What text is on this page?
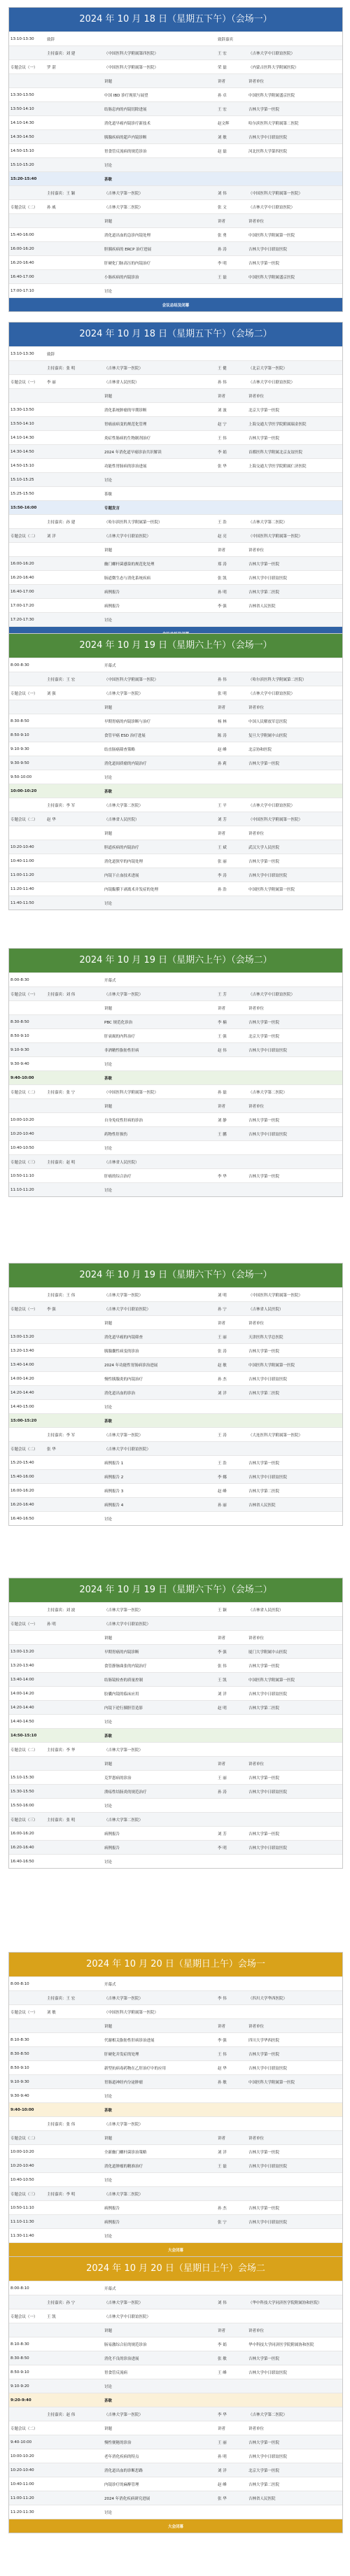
2024 年 10 月 18 日（星期五下午）（会场一）
13:10-13:30	致辞	致辞嘉宾
主持嘉宾：刘 建	（中国医科大学附属第四医院）	王 宏	（吉林大学中日联谊医院）
专题会议（一）	罗 湛	（中国医科大学附属第一医院）	荣 磊	（内蒙古医科大学附属医院）
讲题	讲者	讲者单位
13:30-13:50	中国 IBD 诊疗现状与展望	孙 卓	中国医科大学附属盛京医院
13:50-14:10	结肠息肉的内镜切除进展	王 宏	吉林大学第一医院
14:10-14:30	消化道早癌内镜诊疗新技术	赵文辉	哈尔滨医科大学附属第二医院
14:30-14:50	胰腺疾病的超声内镜诊断	刘 敏	吉林大学中日联谊医院
14:50-15:10	胃食管反流病的规范诊治	赵 磊	河北医科大学第四医院
15:10-15:20	讨论
15:20-15:40	茶歇
主持嘉宾：王 颖	（吉林大学第一医院）	刘 伟	（中国医科大学附属第一医院）
专题会议（二）	孙 威	（吉林大学第二医院）	张 文	（吉林大学中日联谊医院）
讲题	讲者	讲者单位
15:40-16:00	消化道出血的急诊内镜处理	张 勇	中国医科大学附属第一医院
16:00-16:20	胆胰疾病的 ERCP 治疗进展	孙 涛	吉林大学中日联谊医院
16:20-16:40	肝硬化门脉高压的内镜治疗	李 明	吉林大学第一医院
16:40-17:00	小肠疾病的内镜诊治	王 磊	中国医科大学附属盛京医院
17:00-17:10	讨论
会议总结及闭幕
2024 年 10 月 18 日（星期五下午）（会场二）
13:10-13:30	致辞
主持嘉宾：张 明	（吉林大学第一医院）	王 健	（北京大学第一医院）
专题会议（一）	李 丽	（吉林省人民医院）	孙 伟	（吉林大学中日联谊医院）
讲题	讲者	讲者单位
13:30-13:50	消化系统肿瘤的早期诊断	刘 波	北京大学第一医院
13:50-14:10	胃癌前病变的规范化管理	赵 宁	上海交通大学医学院附属瑞金医院
14:10-14:30	炎症性肠病的生物制剂治疗	王 伟	吉林大学第一医院
14:30-14:50	2024 年消化道早癌诊治共识解读	李 娟	首都医科大学附属北京友谊医院
14:50-15:10	功能性胃肠病的诊治进展	张 华	上海交通大学医学院附属仁济医院
15:10-15:25	讨论
15:25-15:50	茶歇
15:50-16:00	专题发言
主持嘉宾：孙 建	（哈尔滨医科大学附属第一医院）	王 浩	（吉林大学第二医院）
专题会议（二）	刘 洋	（吉林大学中日联谊医院）	赵 亮	（中国医科大学附属第一医院）
讲题	讲者	讲者单位
16:00-16:20	幽门螺杆菌感染的规范化处理	郑 涛	吉林大学第一医院
16:20-16:40	肠道微生态与消化系统疾病	张 凯	吉林大学中日联谊医院
16:40-17:00	病例报告	孙 明	吉林大学第二医院
17:00-17:20	病例报告	李 强	吉林省人民医院
17:20-17:30	讨论
2024 年 10 月 19 日（星期六上午）（会场一）
8:00-8:30	开幕式
主持嘉宾：王 宏	（中国医科大学附属第一医院）	孙 伟	（哈尔滨医科大学附属第二医院）
专题会议（一）	刘 强	（吉林大学第一医院）	张 明	（吉林大学中日联谊医院）
讲题	讲者	讲者单位
8:30-8:50	早期胃癌的内镜诊断与治疗	杨 林	中国人民解放军总医院
8:50-9:10	食管早癌 ESD 治疗进展	陈 涛	复旦大学附属中山医院
9:10-9:30	结直肠癌筛查策略	赵 峰	北京协和医院
9:30-9:50	消化道间质瘤的内镜治疗	孙 莉	吉林大学第一医院
9:50-10:00	讨论
10:00-10:20	茶歇
主持嘉宾：李 军	（吉林大学第二医院）	王 平	（吉林大学中日联谊医院）
专题会议（二）	赵 华	（吉林省人民医院）	刘 芳	（中国医科大学附属第一医院）
讲题	讲者	讲者单位
10:20-10:40	胆道疾病的内镜治疗	王 斌	武汉大学人民医院
10:40-11:00	消化道狭窄的内镜处理	张 丽	吉林大学第一医院
11:00-11:20	内镜下止血技术进展	李 涛	吉林大学中日联谊医院
11:20-11:40	内镜黏膜下剥离术并发症的处理	孙 浩	中国医科大学附属第一医院
11:40-11:50	讨论
2024 年 10 月 19 日（星期六上午）（会场二）
8:00-8:30	开幕式
专题会议（一）	主持嘉宾：刘 伟	（吉林大学第一医院）	王 芳	（吉林大学中日联谊医院）
讲题	讲者	讲者单位
8:30-8:50	PBC 规范化诊治	李 楠	吉林大学第一医院
8:50-9:10	肝衰竭的内科治疗	王 强	北京大学第一医院
9:10-9:30	非酒精性脂肪性肝病	赵 伟	吉林大学中日联谊医院
9:30-9:40	讨论
9:40-10:00	茶歇
专题会议（二）	主持嘉宾：张 宁	（中国医科大学附属第一医院）	孙 磊	（吉林大学第二医院）
讲题	讲者	讲者单位
10:00-10:20	自身免疫性肝病的诊治	刘 静	吉林大学第一医院
10:20-10:40	药物性肝损伤	王 鹏	吉林大学中日联谊医院
10:40-10:50	讨论
专题会议（三）	主持嘉宾：赵 明	（吉林省人民医院）
10:50-11:10	肝癌的综合治疗	李 华	吉林大学第一医院
11:10-11:20	讨论
2024 年 10 月 19 日（星期六下午）（会场一）
主持嘉宾：王 伟	（吉林大学第一医院）	刘 明	（中国医科大学附属第一医院）
专题会议（一）	李 强	（吉林大学中日联谊医院）	孙 宁	（吉林省人民医院）
讲题	讲者	讲者单位
13:00-13:20	消化道早癌的内镜筛查	王 丽	天津医科大学总医院
13:20-13:40	胰腺囊性病变的诊治	张 涛	吉林大学第一医院
13:40-14:00	2024 年功能性胃肠病诊治进展	赵 敏	中国医科大学附属第一医院
14:00-14:20	慢性胰腺炎的内镜治疗	孙 杰	吉林大学中日联谊医院
14:20-14:40	消化道出血的诊治	刘 洋	吉林大学第二医院
14:40-15:00	讨论
15:00-15:20	茶歇
主持嘉宾：李 军	（吉林大学第一医院）	王 涛	（大连医科大学附属第一医院）
专题会议（二）	张 华	（吉林大学中日联谊医院）
15:20-15:40	病例报告 1	王 浩	吉林大学第一医院
15:40-16:00	病例报告 2	李 娜	吉林大学中日联谊医院
16:00-16:20	病例报告 3	赵 峰	吉林大学第二医院
16:20-16:40	病例报告 4	孙 丽	吉林省人民医院
16:40-16:50	讨论
2024 年 10 月 19 日（星期六下午）（会场二）
主持嘉宾：刘 波	（吉林大学第一医院）	王 颖	（吉林省人民医院）
专题会议（一）	孙 明	（吉林大学中日联谊医院）
讲题	讲者	讲者单位
13:00-13:20	早期胃癌的内镜诊断	李 强	厦门大学附属中山医院
13:20-13:40	食管静脉曲张的内镜治疗	张 伟	吉林大学第一医院
13:40-14:00	结肠镜检查的质量控制	王 凯	中国医科大学附属第一医院
14:00-14:20	胶囊内镜的临床应用	刘 洋	吉林大学中日联谊医院
14:20-14:40	内镜下逆行胰胆管造影	赵 明	吉林大学第二医院
14:40-14:50	讨论
14:50-15:10	茶歇
专题会议（二）	主持嘉宾：李 华	（吉林大学第一医院）
讲题	讲者	讲者单位
15:10-15:30	克罗恩病的诊治	王 丽	吉林大学第一医院
15:30-15:50	溃疡性结肠炎的规范治疗	孙 涛	吉林大学中日联谊医院
15:50-16:00	讨论
专题会议（三）	主持嘉宾：张 明	（吉林大学第二医院）
16:00-16:20	病例报告	刘 芳	吉林大学第一医院
16:20-16:40	病例报告	李 明	吉林大学中日联谊医院
16:40-16:50	讨论
2024 年 10 月 20 日（星期日上午）会场一
8:00-8:10	开幕式
主持嘉宾：王 宏	（吉林大学第一医院）	李 伟	（四川大学华西医院）
专题会议（一）	刘 敏	（中国医科大学附属第一医院）
讲题	讲者	讲者单位
8:10-8:30	代谢相关脂肪性肝病诊治进展	李 强	四川大学华西医院
8:30-8:50	肝硬化并发症的处理	王 伟	吉林大学第一医院
8:50-9:10	新型抗病毒药物在乙肝治疗中的应用	赵 华	吉林大学中日联谊医院
9:10-9:30	胃肠道神经内分泌肿瘤	孙 敏	中国医科大学附属第一医院
9:30-9:40	讨论
9:40-10:00	茶歇
主持嘉宾：张 伟	（吉林大学第一医院）
专题会议（二）	讲题	讲者	讲者单位
10:00-10:20	全新幽门螺杆菌诊治策略	刘 洋	吉林大学第一医院
10:20-10:40	消化道肿瘤的精准治疗	王 磊	吉林大学中日联谊医院
10:40-10:50	讨论
专题会议（三）	主持嘉宾：李 明	（吉林大学第二医院）
10:50-11:10	病例报告	孙 杰	吉林大学第一医院
11:10-11:30	病例报告	张 宁	吉林大学中日联谊医院
11:30-11:40	讨论
大会闭幕
2024 年 10 月 20 日（星期日上午）会场二
8:00-8:10	开幕式
主持嘉宾：孙 宁	（吉林大学第一医院）	刘 伟	（华中科技大学同济医学院附属协和医院）
专题会议（一）	王 凯	（吉林大学中日联谊医院）
讲题	讲者	讲者单位
8:10-8:30	肠易激综合征的规范诊治	李 娟	华中科技大学同济医学院附属协和医院
8:30-8:50	消化不良的诊治进展	张 敏	吉林大学第一医院
8:50-9:10	胃食管反流病	王 峰	吉林大学中日联谊医院
9:10-9:20	讨论
9:20-9:40	茶歇
主持嘉宾：赵 伟	（吉林大学第一医院）	李 华	（吉林大学第二医院）
专题会议（二）	讲题	讲者	讲者单位
9:40-10:00	慢性便秘的诊治	王 丽	吉林大学第一医院
10:00-10:20	老年消化疾病的特点	孙 明	吉林大学中日联谊医院
10:20-10:40	消化道出血的诊断思路	刘 洋	北京大学第一医院
10:40-11:00	内镜诊疗的麻醉管理	赵 峰	吉林大学第二医院
11:00-11:20	2024 年消化疾病研究进展	张 华	吉林省人民医院
11:20-11:30	讨论
大会闭幕
